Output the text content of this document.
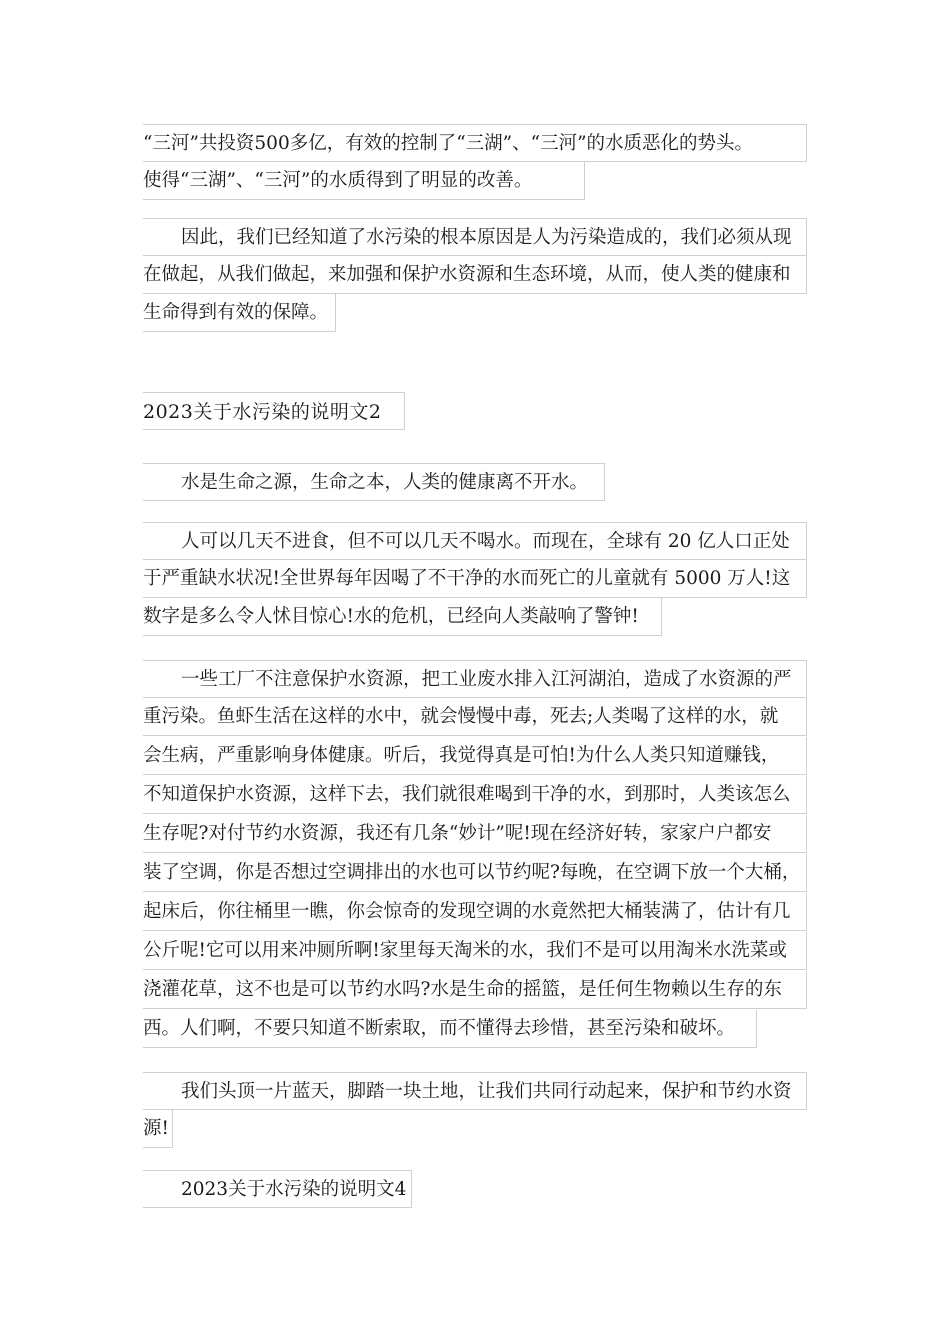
“三河”共投资500多亿，有效的控制了“三湖”、“三河”的水质恶化的势头。
使得“三湖”、“三河”的水质得到了明显的改善。
因此，我们已经知道了水污染的根本原因是人为污染造成的，我们必须从现
在做起，从我们做起，来加强和保护水资源和生态环境，从而，使人类的健康和
生命得到有效的保障。
2023关于水污染的说明文2
水是生命之源，生命之本，人类的健康离不开水。
人可以几天不进食，但不可以几天不喝水。而现在，全球有 20 亿人口正处
于严重缺水状况!全世界每年因喝了不干净的水而死亡的儿童就有 5000 万人!这
数字是多么令人怵目惊心!水的危机，已经向人类敲响了警钟!
一些工厂不注意保护水资源，把工业废水排入江河湖泊，造成了水资源的严
重污染。鱼虾生活在这样的水中，就会慢慢中毒，死去;人类喝了这样的水，就
会生病，严重影响身体健康。听后，我觉得真是可怕!为什么人类只知道赚钱，
不知道保护水资源，这样下去，我们就很难喝到干净的水，到那时，人类该怎么
生存呢?对付节约水资源，我还有几条“妙计”呢!现在经济好转，家家户户都安
装了空调，你是否想过空调排出的水也可以节约呢?每晚，在空调下放一个大桶，
起床后，你往桶里一瞧，你会惊奇的发现空调的水竟然把大桶装满了，估计有几
公斤呢!它可以用来冲厕所啊!家里每天淘米的水，我们不是可以用淘米水洗菜或
浇灌花草，这不也是可以节约水吗?水是生命的摇篮，是任何生物赖以生存的东
西。人们啊，不要只知道不断索取，而不懂得去珍惜，甚至污染和破坏。
我们头顶一片蓝天，脚踏一块土地，让我们共同行动起来，保护和节约水资
源!
2023关于水污染的说明文4
